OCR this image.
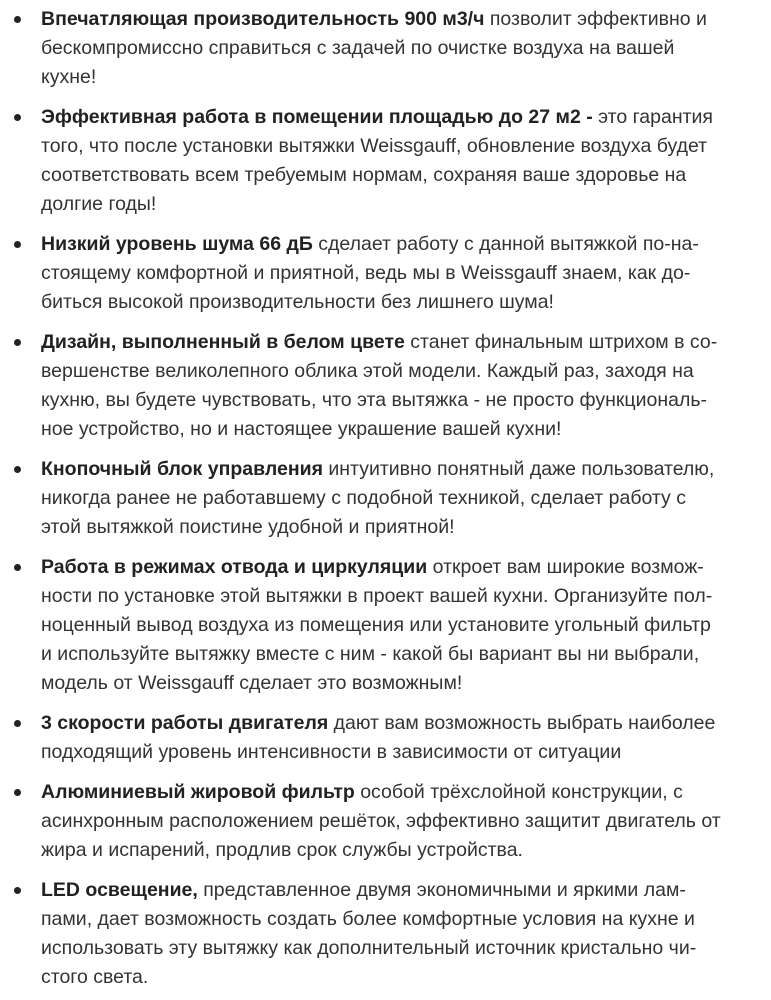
Впечатляющая производительность 900 м3/ч позволит эффективно и
бескомпромиссно справиться с задачей по очистке воздуха на вашей
кухне!
Эффективная работа в помещении площадью до 27 м2 - это гарантия
того, что после установки вытяжки Weissgauff, обновление воздуха будет
соответствовать всем требуемым нормам, сохраняя ваше здоровье на
долгие годы!
Низкий уровень шума 66 дБ сделает работу с данной вытяжкой по-на-
стоящему комфортной и приятной, ведь мы в Weissgauff знаем, как до-
биться высокой производительности без лишнего шума!
Дизайн, выполненный в белом цвете станет финальным штрихом в со-
вершенстве великолепного облика этой модели. Каждый раз, заходя на
кухню, вы будете чувствовать, что эта вытяжка - не просто функциональ-
ное устройство, но и настоящее украшение вашей кухни!
Кнопочный блок управления интуитивно понятный даже пользователю,
никогда ранее не работавшему с подобной техникой, сделает работу с
этой вытяжкой поистине удобной и приятной!
Работа в режимах отвода и циркуляции откроет вам широкие возмож-
ности по установке этой вытяжки в проект вашей кухни. Организуйте пол-
ноценный вывод воздуха из помещения или установите угольный фильтр
и используйте вытяжку вместе с ним - какой бы вариант вы ни выбрали,
модель от Weissgauff сделает это возможным!
3 скорости работы двигателя дают вам возможность выбрать наиболее
подходящий уровень интенсивности в зависимости от ситуации
Алюминиевый жировой фильтр особой трёхслойной конструкции, с
асинхронным расположением решёток, эффективно защитит двигатель от
жира и испарений, продлив срок службы устройства.
LED освещение, представленное двумя экономичными и яркими лам-
пами, дает возможность создать более комфортные условия на кухне и
использовать эту вытяжку как дополнительный источник кристально чи-
стого света.
